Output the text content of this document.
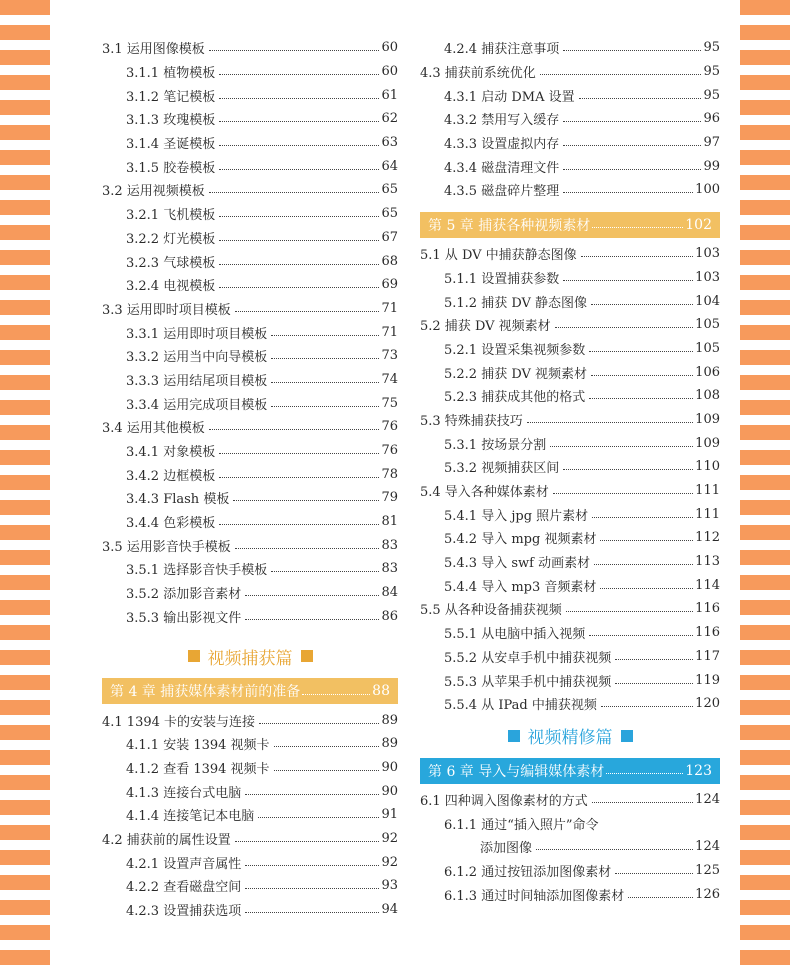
3.1 运用图像模板	60
3.1.1 植物模板	60
3.1.2 笔记模板	61
3.1.3 玫瑰模板	62
3.1.4 圣诞模板	63
3.1.5 胶卷模板	64
3.2 运用视频模板	65
3.2.1 飞机模板	65
3.2.2 灯光模板	67
3.2.3 气球模板	68
3.2.4 电视模板	69
3.3 运用即时项目模板	71
3.3.1 运用即时项目模板	71
3.3.2 运用当中向导模板	73
3.3.3 运用结尾项目模板	74
3.3.4 运用完成项目模板	75
3.4 运用其他模板	76
3.4.1 对象模板	76
3.4.2 边框模板	78
3.4.3 Flash 模板	79
3.4.4 色彩模板	81
3.5 运用影音快手模板	83
3.5.1 选择影音快手模板	83
3.5.2 添加影音素材	84
3.5.3 输出影视文件	86
视频捕获篇
第 4 章 捕获媒体素材前的准备	88
4.1 1394 卡的安装与连接	89
4.1.1 安装 1394 视频卡	89
4.1.2 查看 1394 视频卡	90
4.1.3 连接台式电脑	90
4.1.4 连接笔记本电脑	91
4.2 捕获前的属性设置	92
4.2.1 设置声音属性	92
4.2.2 查看磁盘空间	93
4.2.3 设置捕获选项	94
4.2.4 捕获注意事项	95
4.3 捕获前系统优化	95
4.3.1 启动 DMA 设置	95
4.3.2 禁用写入缓存	96
4.3.3 设置虚拟内存	97
4.3.4 磁盘清理文件	99
4.3.5 磁盘碎片整理	100
第 5 章 捕获各种视频素材	102
5.1 从 DV 中捕获静态图像	103
5.1.1 设置捕获参数	103
5.1.2 捕获 DV 静态图像	104
5.2 捕获 DV 视频素材	105
5.2.1 设置采集视频参数	105
5.2.2 捕获 DV 视频素材	106
5.2.3 捕获成其他的格式	108
5.3 特殊捕获技巧	109
5.3.1 按场景分割	109
5.3.2 视频捕获区间	110
5.4 导入各种媒体素材	111
5.4.1 导入 jpg 照片素材	111
5.4.2 导入 mpg 视频素材	112
5.4.3 导入 swf 动画素材	113
5.4.4 导入 mp3 音频素材	114
5.5 从各种设备捕获视频	116
5.5.1 从电脑中插入视频	116
5.5.2 从安卓手机中捕获视频	117
5.5.3 从苹果手机中捕获视频	119
5.5.4 从 IPad 中捕获视频	120
视频精修篇
第 6 章 导入与编辑媒体素材	123
6.1 四种调入图像素材的方式	124
6.1.1 通过“插入照片”命令
添加图像	124
6.1.2 通过按钮添加图像素材	125
6.1.3 通过时间轴添加图像素材	126
